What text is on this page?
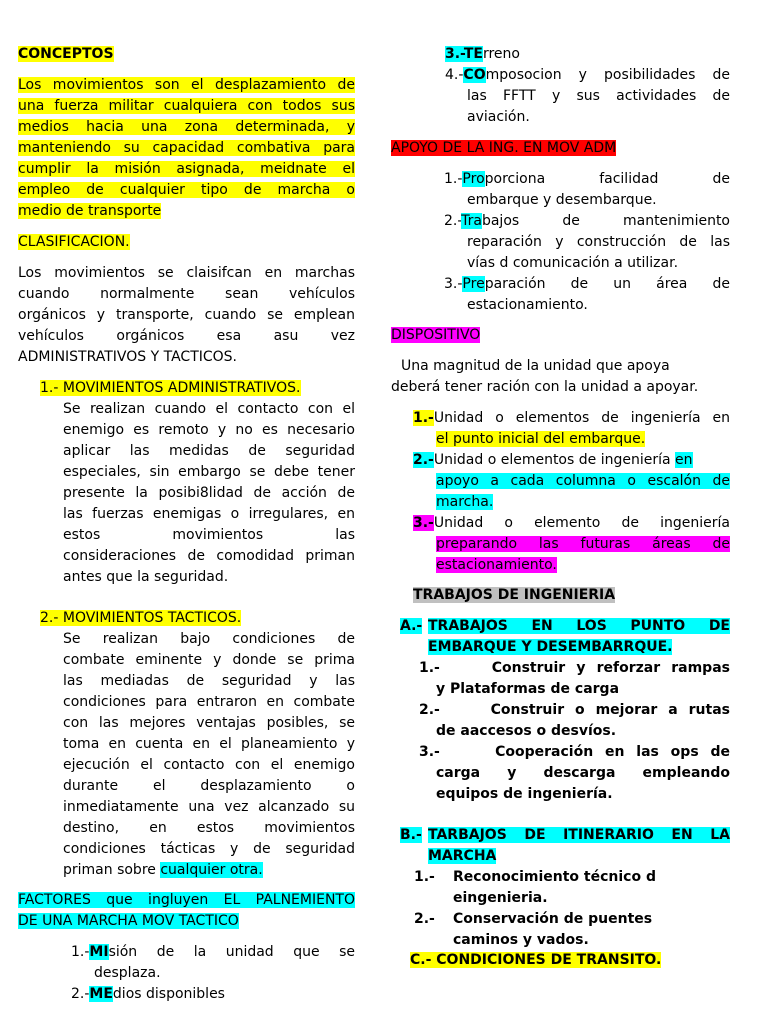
CONCEPTOS
Los movimientos son el desplazamiento de
una fuerza militar cualquiera con todos sus
medios hacia una zona determinada, y
manteniendo su capacidad combativa para
cumplir la misión asignada, meidnate el
empleo de cualquier tipo de marcha o
medio de transporte
CLASIFICACION.
Los movimientos se claisifcan en marchas
cuando normalmente sean vehículos
orgánicos y transporte, cuando se emplean
vehículos orgánicos esa asu vez
ADMINISTRATIVOS Y TACTICOS.
1.- MOVIMIENTOS ADMINISTRATIVOS.
Se realizan cuando el contacto con el
enemigo es remoto y no es necesario
aplicar las medidas de seguridad
especiales, sin embargo se debe tener
presente la posibi8lidad de acción de
las fuerzas enemigas o irregulares, en
estos movimientos las
consideraciones de comodidad priman
antes que la seguridad.
2.- MOVIMIENTOS TACTICOS.
Se realizan bajo condiciones de
combate eminente y donde se prima
las mediadas de seguridad y las
condiciones para entraron en combate
con las mejores ventajas posibles, se
toma en cuenta en el planeamiento y
ejecución el contacto con el enemigo
durante el desplazamiento o
inmediatamente una vez alcanzado su
destino, en estos movimientos
condiciones tácticas y de seguridad
priman sobre cualquier otra.
FACTORES que ingluyen EL PALNEMIENTO
DE UNA MARCHA MOV TACTICO
1.-MIsión de la unidad que se
desplaza.
2.-MEdios disponibles
3.-TErreno
4.-COmposocion y posibilidades de
las FFTT y sus actividades de
aviación.
APOYO DE LA ING. EN MOV ADM
1.-Proporciona facilidad de
embarque y desembarque.
2.-Trabajos de mantenimiento
reparación y construcción de las
vías d comunicación a utilizar.
3.-Preparación de un área de
estacionamiento.
DISPOSITIVO
Una magnitud de la unidad que apoya
deberá tener ración con la unidad a apoyar.
1.-Unidad o elementos de ingeniería en
el punto inicial del embarque.
2.-Unidad o elementos de ingeniería en
apoyo a cada columna o escalón de
marcha.
3.-Unidad o elemento de ingeniería
preparando las futuras áreas de
estacionamiento.
TRABAJOS DE INGENIERIA
A.- TRABAJOS EN LOS PUNTO DE
EMBARQUE Y DESEMBARRQUE.
1.-
Construir y reforzar rampas
y Plataformas de carga
2.-
Construir o mejorar a rutas
de aaccesos o desvíos.
3.-
Cooperación en las ops de
carga y descarga empleando
equipos de ingeniería.
B.- TARBAJOS DE ITINERARIO EN LA
MARCHA
1.-	Reconocimiento técnico d
eingenieria.
2.-	Conservación de puentes
caminos y vados.
C.- CONDICIONES DE TRANSITO.
